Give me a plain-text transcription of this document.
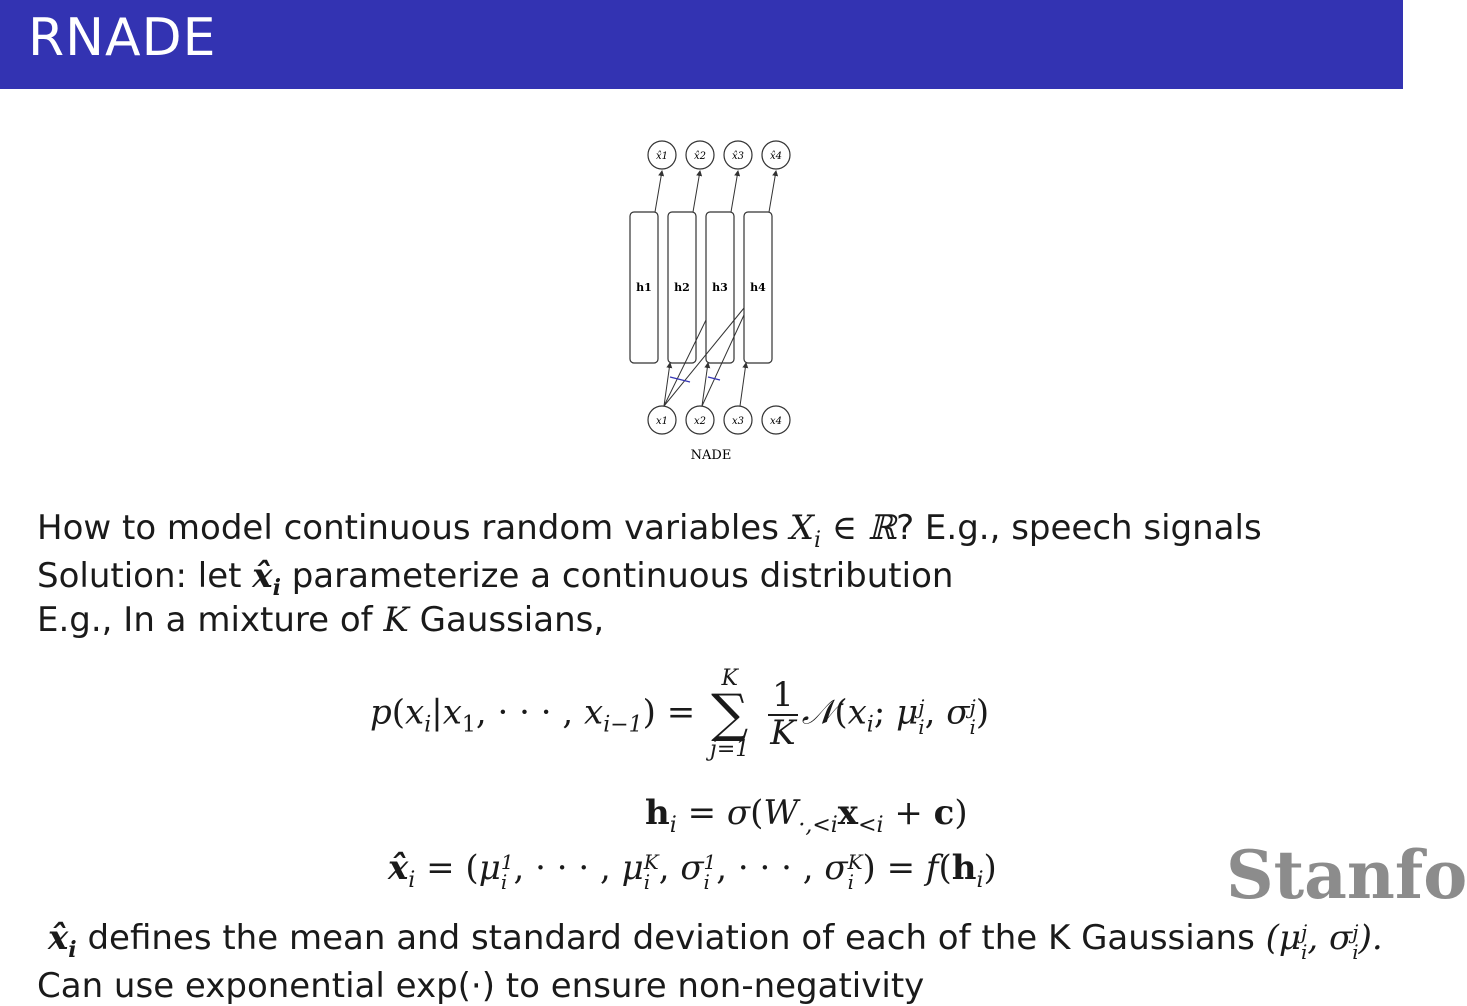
RNADE
x̂1	x̂2	x̂3	x̂4
h1 h2 h3 h4
x1	x2	x3	x4
NADE
How to model continuous random variables $X_i$ ∈ ℝ? E.g., speech signals
Solution: let $x̂_i$ parameterize a continuous distribution
E.g., In a mixture of K Gaussians,
$p(x_i|x_1$, · · · , $x_{i-1}$) =
K
∑
j=1
$\frac{1}{K}$ $𝒩(x_i$; μ j
i , σ j
i )
$h_i = \sigma(W_{\cdot,<i}x_{<i} + c)$
$x̂_i = (\mu$ 1
i , · · · , μ K
i , σ 1
i , · · · , σ K
i ) = $f(h_i)$	Stanfo
$x̂_i$ defines the mean and standard deviation of each of the K Gaussians (μ j
i , σ j
i ).
Can use exponential exp(·) to ensure non-negativity
